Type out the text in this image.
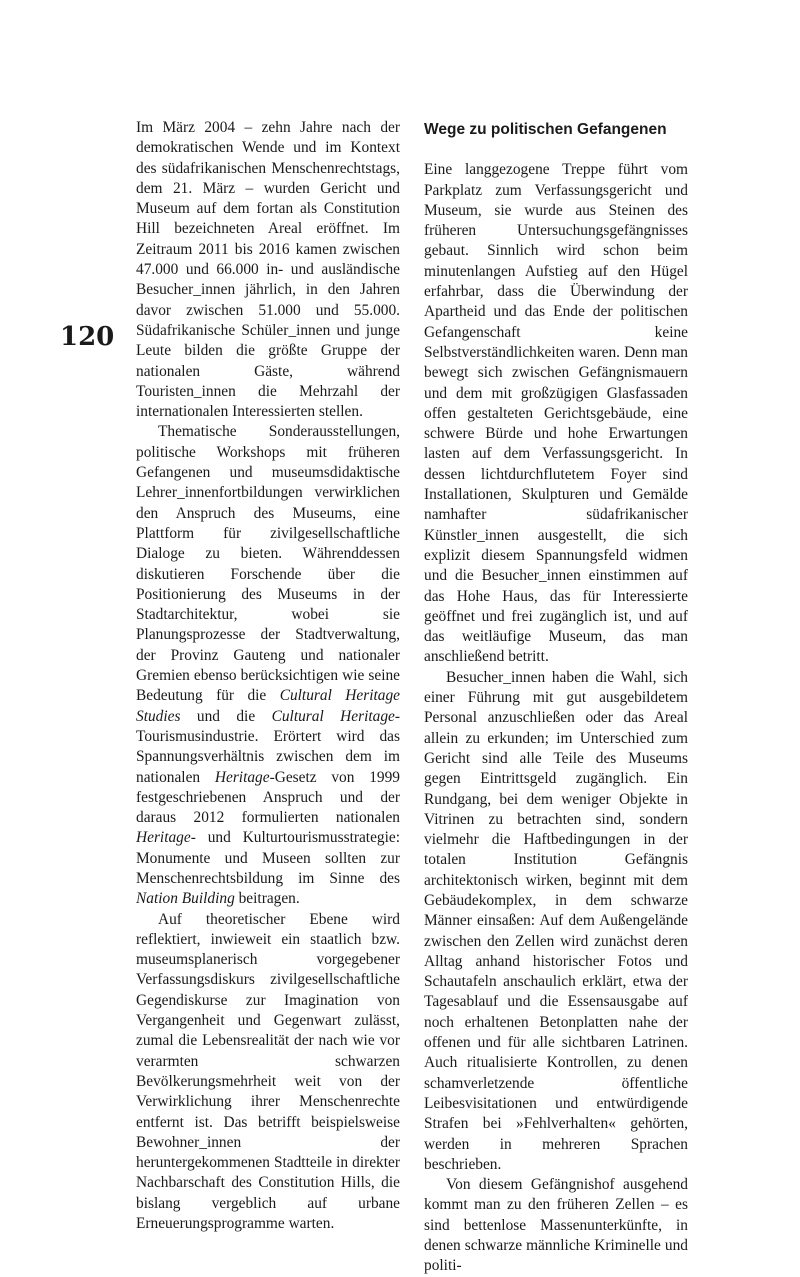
120

Im März 2004 – zehn Jahre nach der demokratischen Wende und im Kontext des südafrikanischen Menschenrechtstags, dem 21. März – wurden Gericht und Museum auf dem fortan als Constitution Hill bezeichneten Areal eröffnet. Im Zeitraum 2011 bis 2016 kamen zwischen 47.000 und 66.000 in- und ausländische Besucher_innen jährlich, in den Jahren davor zwischen 51.000 und 55.000. Südafrikanische Schüler_innen und junge Leute bilden die größte Gruppe der nationalen Gäste, während Touristen_innen die Mehrzahl der internationalen Interessierten stellen.

Thematische Sonderausstellungen, politische Workshops mit früheren Gefangenen und museumsdidaktische Lehrer_innenfortbildungen verwirklichen den Anspruch des Museums, eine Plattform für zivilgesellschaftliche Dialoge zu bieten. Währenddessen diskutieren Forschende über die Positionierung des Museums in der Stadtarchitektur, wobei sie Planungsprozesse der Stadtverwaltung, der Provinz Gauteng und nationaler Gremien ebenso berücksichtigen wie seine Bedeutung für die Cultural Heritage Studies und die Cultural Heritage-Tourismusindustrie. Erörtert wird das Spannungsverhältnis zwischen dem im nationalen Heritage-Gesetz von 1999 festgeschriebenen Anspruch und der daraus 2012 formulierten nationalen Heritage- und Kulturtourismusstrategie: Monumente und Museen sollten zur Menschenrechtsbildung im Sinne des Nation Building beitragen.

Auf theoretischer Ebene wird reflektiert, inwieweit ein staatlich bzw. museumsplanerisch vorgegebener Verfassungsdiskurs zivilgesellschaftliche Gegendiskurse zur Imagination von Vergangenheit und Gegenwart zulässt, zumal die Lebensrealität der nach wie vor verarmten schwarzen Bevölkerungsmehrheit weit von der Verwirklichung ihrer Menschenrechte entfernt ist. Das betrifft beispielsweise Bewohner_innen der heruntergekommenen Stadtteile in direkter Nachbarschaft des Constitution Hills, die bislang vergeblich auf urbane Erneuerungsprogramme warten.

Wege zu politischen Gefangenen

Eine langgezogene Treppe führt vom Parkplatz zum Verfassungsgericht und Museum, sie wurde aus Steinen des früheren Untersuchungsgefängnisses gebaut. Sinnlich wird schon beim minutenlangen Aufstieg auf den Hügel erfahrbar, dass die Überwindung der Apartheid und das Ende der politischen Gefangenschaft keine Selbstverständlichkeiten waren. Denn man bewegt sich zwischen Gefängnismauern und dem mit großzügigen Glasfassaden offen gestalteten Gerichtsgebäude, eine schwere Bürde und hohe Erwartungen lasten auf dem Verfassungsgericht. In dessen lichtdurchflutetem Foyer sind Installationen, Skulpturen und Gemälde namhafter südafrikanischer Künstler_innen ausgestellt, die sich explizit diesem Spannungsfeld widmen und die Besucher_innen einstimmen auf das Hohe Haus, das für Interessierte geöffnet und frei zugänglich ist, und auf das weitläufige Museum, das man anschließend betritt.

Besucher_innen haben die Wahl, sich einer Führung mit gut ausgebildetem Personal anzuschließen oder das Areal allein zu erkunden; im Unterschied zum Gericht sind alle Teile des Museums gegen Eintrittsgeld zugänglich. Ein Rundgang, bei dem weniger Objekte in Vitrinen zu betrachten sind, sondern vielmehr die Haftbedingungen in der totalen Institution Gefängnis architektonisch wirken, beginnt mit dem Gebäudekomplex, in dem schwarze Männer einsaßen: Auf dem Außengelände zwischen den Zellen wird zunächst deren Alltag anhand historischer Fotos und Schautafeln anschaulich erklärt, etwa der Tagesablauf und die Essensausgabe auf noch erhaltenen Betonplatten nahe der offenen und für alle sichtbaren Latrinen. Auch ritualisierte Kontrollen, zu denen schamverletzende öffentliche Leibesvisitationen und entwürdigende Strafen bei »Fehlverhalten« gehörten, werden in mehreren Sprachen beschrieben.

Von diesem Gefängnishof ausgehend kommt man zu den früheren Zellen – es sind bettenlose Massenunterkünfte, in denen schwarze männliche Kriminelle und politi-
